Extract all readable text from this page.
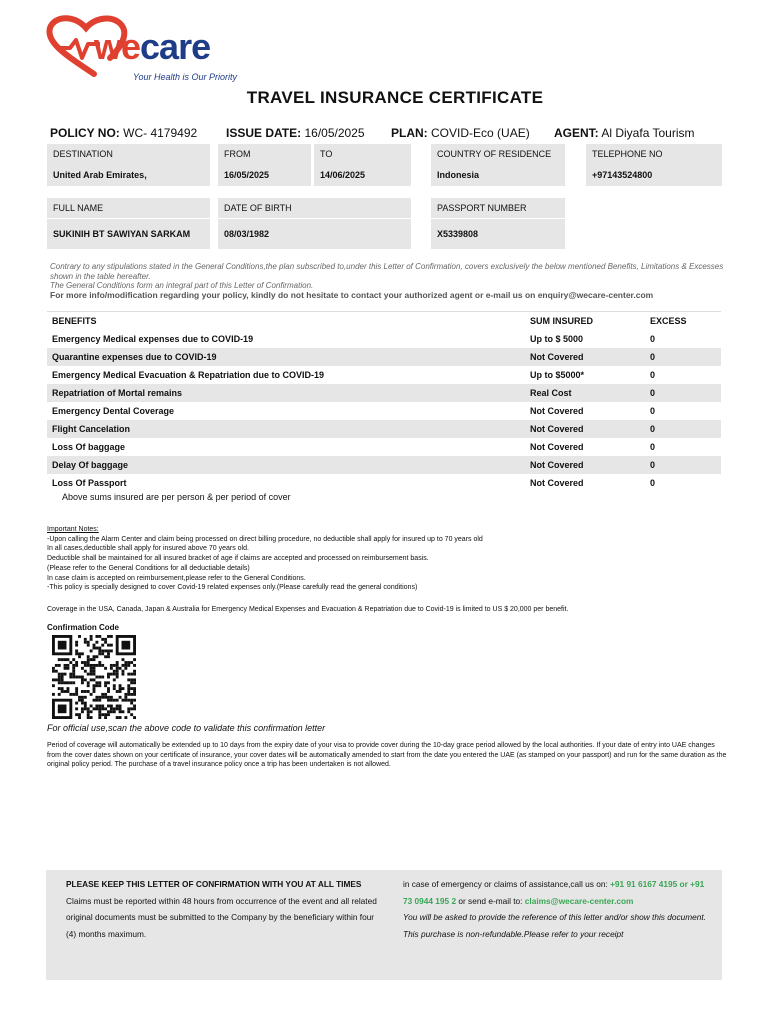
wecare
Your Health is Our Priority
TRAVEL INSURANCE CERTIFICATE
POLICY NO: WC- 4179492 ISSUE DATE: 16/05/2025 PLAN: COVID-Eco (UAE) AGENT: Al Diyafa Tourism
DESTINATION	FROM	TO	COUNTRY OF RESIDENCE	TELEPHONE NO
United Arab Emirates,	16/05/2025	14/06/2025	Indonesia	+97143524800
FULL NAME	DATE OF BIRTH	PASSPORT NUMBER
SUKINIH BT SAWIYAN SARKAM	08/03/1982	X5339808
Contrary to any stipulations stated in the General Conditions,the plan subscribed to,under this Letter of Confirmation, covers exclusively the below mentioned Benefits, Limitations & Excesses shown in the table hereafter.
The General Conditions form an integral part of this Letter of Confirmation.
For more info/modification regarding your policy, kindly do not hesitate to contact your authorized agent or e-mail us on enquiry@wecare-center.com
BENEFITS	SUM INSURED	EXCESS
Emergency Medical expenses due to COVID-19	Up to $ 5000	0
Quarantine expenses due to COVID-19	Not Covered	0
Emergency Medical Evacuation & Repatriation due to COVID-19	Up to $5000*	0
Repatriation of Mortal remains	Real Cost	0
Emergency Dental Coverage	Not Covered	0
Flight Cancelation	Not Covered	0
Loss Of baggage	Not Covered	0
Delay Of baggage	Not Covered	0
Loss Of Passport	Not Covered	0
Above sums insured are per person & per period of cover
Important Notes:
-Upon calling the Alarm Center and claim being processed on direct billing procedure, no deductible shall apply for insured up to 70 years old
In all cases,deductible shall apply for insured above 70 years old.
Deductible shall be maintained for all insured bracket of age if claims are accepted and processed on reimbursement basis.
(Please refer to the General Conditions for all deductiable details)
In case claim is accepted on reimbursement,please refer to the General Conditions.
-This policy is specially designed to cover Covid-19 related expenses only.(Please carefully read the general conditions)
Coverage in the USA, Canada, Japan & Australia for Emergency Medical Expenses and Evacuation & Repatriation due to Covid-19 is limited to US $ 20,000 per benefit.
Confirmation Code
For official use,scan the above code to validate this confirmation letter
Period of coverage will automatically be extended up to 10 days from the expiry date of your visa to provide cover during the 10-day grace period allowed by the local authorities. If your date of entry into UAE changes from the cover dates shown on your certificate of insurance, your cover dates will be automatically amended to start from the date you entered the UAE (as stamped on your passport) and run for the same duration as the original policy period. The purchase of a travel insurance policy once a trip has been undertaken is not allowed.
PLEASE KEEP THIS LETTER OF CONFIRMATION WITH YOU AT ALL TIMES
Claims must be reported within 48 hours from occurrence of the event and all related original documents must be submitted to the Company by the beneficiary within four (4) months maximum.
in case of emergency or claims of assistance,call us on: +91 91 6167 4195 or +91 73 0944 195 2 or send e-mail to: claims@wecare-center.com
You will be asked to provide the reference of this letter and/or show this document. This purchase is non-refundable.Please refer to your receipt
